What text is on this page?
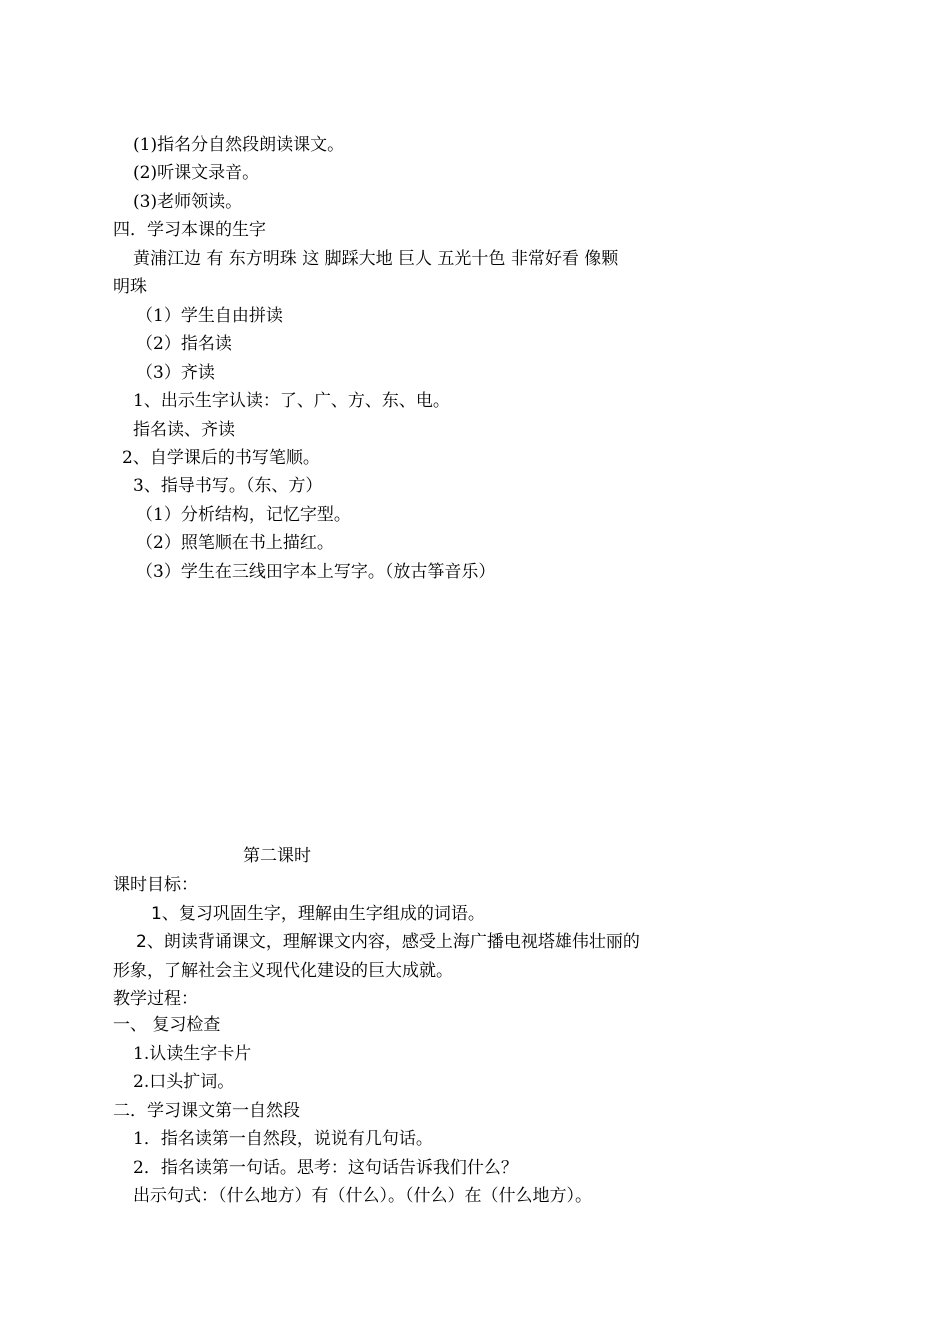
(1)指名分自然段朗读课文。
(2)听课文录音。
(3)老师领读。
四．学习本课的生字
黄浦江边 有 东方明珠 这 脚踩大地 巨人 五光十色 非常好看 像颗
明珠
（1）学生自由拼读
（2）指名读
（3）齐读
1、出示生字认读：了、广、方、东、电。
指名读、齐读
2、自学课后的书写笔顺。
3、指导书写。（东、方）
（1）分析结构，记忆字型。
（2）照笔顺在书上描红。
（3）学生在三线田字本上写字。（放古筝音乐）
第二课时
课时目标：
1、复习巩固生字，理解由生字组成的词语。
2、朗读背诵课文，理解课文内容，感受上海广播电视塔雄伟壮丽的
形象，了解社会主义现代化建设的巨大成就。
教学过程：
一、 复习检查
1.认读生字卡片
2.口头扩词。
二．学习课文第一自然段
1．指名读第一自然段，说说有几句话。
2．指名读第一句话。思考：这句话告诉我们什么？
出示句式：（什么地方）有（什么）。（什么）在（什么地方）。
